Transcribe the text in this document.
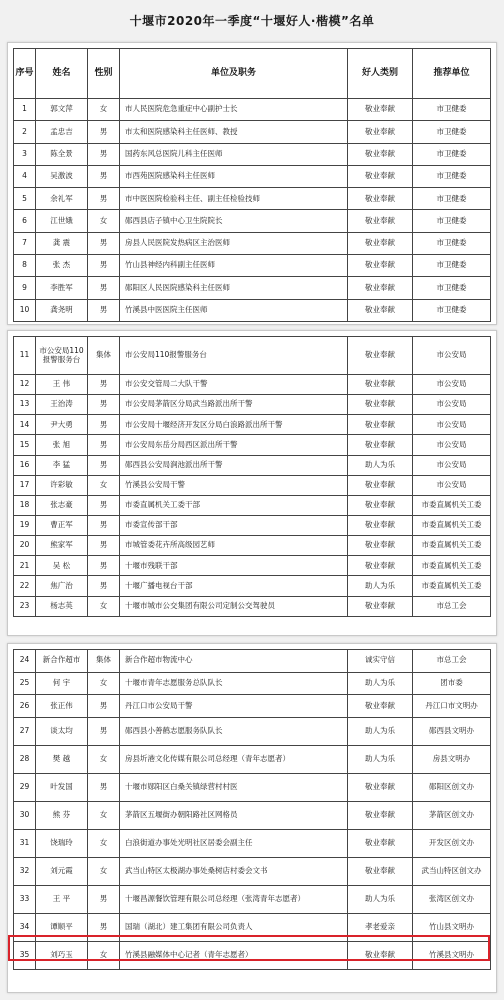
十堰市2020年一季度“十堰好人·楷模”名单
序号	姓名	性别	单位及职务	好人类别	推荐单位
1	郭文萍	女	市人民医院危急重症中心副护士长	敬业奉献	市卫健委
2	孟忠吉	男	市太和医院感染科主任医师、教授	敬业奉献	市卫健委
3	陈全景	男	国药东风总医院儿科主任医师	敬业奉献	市卫健委
4	吴激波	男	市西苑医院感染科主任医师	敬业奉献	市卫健委
5	余礼军	男	市中医医院检验科主任、副主任检验技师	敬业奉献	市卫健委
6	江世娥	女	郧西县店子镇中心卫生院院长	敬业奉献	市卫健委
7	龚 震	男	房县人民医院发热病区主治医师	敬业奉献	市卫健委
8	张 杰	男	竹山县神经内科副主任医师	敬业奉献	市卫健委
9	李胜军	男	郧阳区人民医院感染科主任医师	敬业奉献	市卫健委
10	龚尧明	男	竹溪县中医医院主任医师	敬业奉献	市卫健委
11	市公安局110报警服务台	集体	市公安局110报警服务台	敬业奉献	市公安局
12	王 伟	男	市公安交管局二大队干警	敬业奉献	市公安局
13	王治涛	男	市公安局茅箭区分局武当路派出所干警	敬业奉献	市公安局
14	尹大勇	男	市公安局十堰经济开发区分局白浪路派出所干警	敬业奉献	市公安局
15	张 旭	男	市公安局东岳分局西区派出所干警	敬业奉献	市公安局
16	李 猛	男	郧西县公安局涧池派出所干警	助人为乐	市公安局
17	许彩敏	女	竹溪县公安局干警	敬业奉献	市公安局
18	张志豪	男	市委直属机关工委干部	敬业奉献	市委直属机关工委
19	曹正军	男	市委宣传部干部	敬业奉献	市委直属机关工委
20	熊家军	男	市城管委花卉所高级园艺师	敬业奉献	市委直属机关工委
21	吴 松	男	十堰市残联干部	敬业奉献	市委直属机关工委
22	焦广治	男	十堰广播电视台干部	助人为乐	市委直属机关工委
23	杨志英	女	十堰市城市公交集团有限公司定制公交驾驶员	敬业奉献	市总工会
24	新合作超市	集体	新合作超市物流中心	诚实守信	市总工会
25	何 宇	女	十堰市青年志愿服务总队队长	助人为乐	团市委
26	张正伟	男	丹江口市公安局干警	敬业奉献	丹江口市文明办
27	谈太均	男	郧西县小善鹤志愿服务队队长	助人为乐	郧西县文明办
28	樊 越	女	房县圻港文化传媒有限公司总经理（青年志愿者）	助人为乐	房县文明办
29	叶发国	男	十堰市郧阳区白桑关镇绿营村村医	敬业奉献	郧阳区创文办
30	熊 芬	女	茅箭区五堰街办朝阳路社区网格员	敬业奉献	茅箭区创文办
31	饶瑞玲	女	白浪街道办事处光明社区居委会副主任	敬业奉献	开发区创文办
32	刘元霞	女	武当山特区太极湖办事处桑树店村委会文书	敬业奉献	武当山特区创文办
33	王 平	男	十堰昌源餐饮管理有限公司总经理（张湾青年志愿者）	助人为乐	张湾区创文办
34	谭顺平	男	国瑞（湖北）建工集团有限公司负责人	孝老爱亲	竹山县文明办
35	刘巧玉	女	竹溪县融媒体中心记者（青年志愿者）	敬业奉献	竹溪县文明办
